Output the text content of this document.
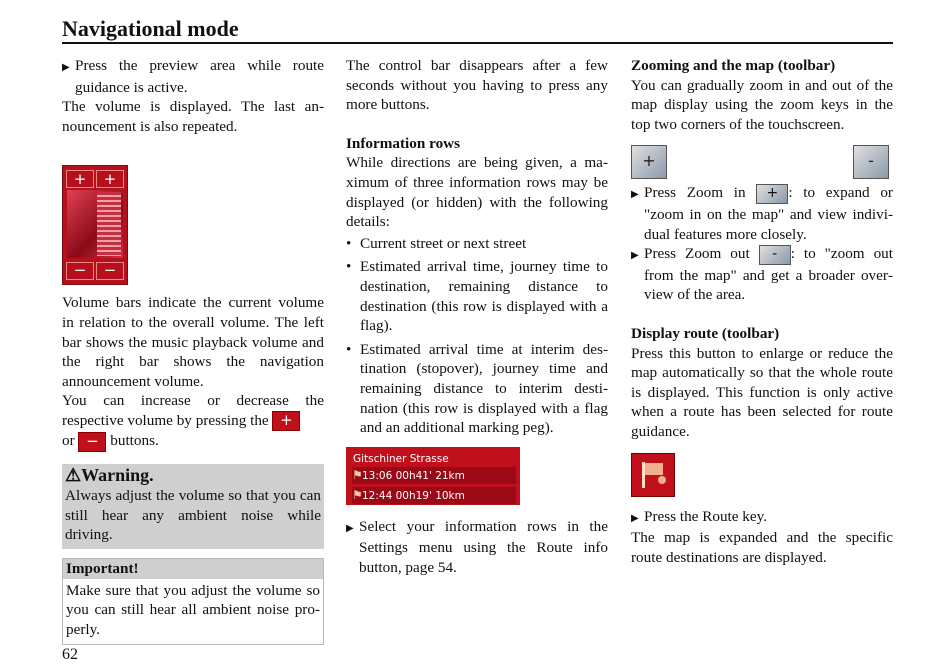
Navigational mode

▶ Press the preview area while route guidance is active.

The volume is displayed. The last announcement is also repeated.

+	+
−	−

Volume bars indicate the current volume in relation to the overall volume. The left bar shows the music playback volume and the right bar shows the navigation announcement volume.

You can increase or decrease the respective volume by pressing the +
or − buttons.

⚠Warning.

Always adjust the volume so that you can still hear any ambient noise while driving.

Important!
Make sure that you adjust the volume so you can still hear all ambient noise properly.

The control bar disappears after a few seconds without you having to press any more buttons.

Information rows

While directions are being given, a maximum of three information rows may be displayed (or hidden) with the following details:

• Current street or next street
• Estimated arrival time, journey time to destination, remaining distance to destination (this row is displayed with a flag).
• Estimated arrival time at interim destination (stopover), journey time and remaining distance to interim destination (this row is displayed with a flag and an additional marking peg).
Gitschiner Strasse
⚑13:06 00h41' 21km
⚑12:44 00h19' 10km

▶ Select your information rows in the Settings menu using the Route info button, page 54.

Zooming and the map (toolbar)

You can gradually zoom in and out of the map display using the zoom keys in the top two corners of the touchscreen.

+	-

▶ Press Zoom in + : to expand or "zoom in on the map" and view individual features more closely.

▶ Press Zoom out - : to "zoom out from the map" and get a broader overview of the area.

Display route (toolbar)

Press this button to enlarge or reduce the map automatically so that the whole route is displayed. This function is only active when a route has been selected for route guidance.

▶ Press the Route key.

The map is expanded and the specific route destinations are displayed.

62
